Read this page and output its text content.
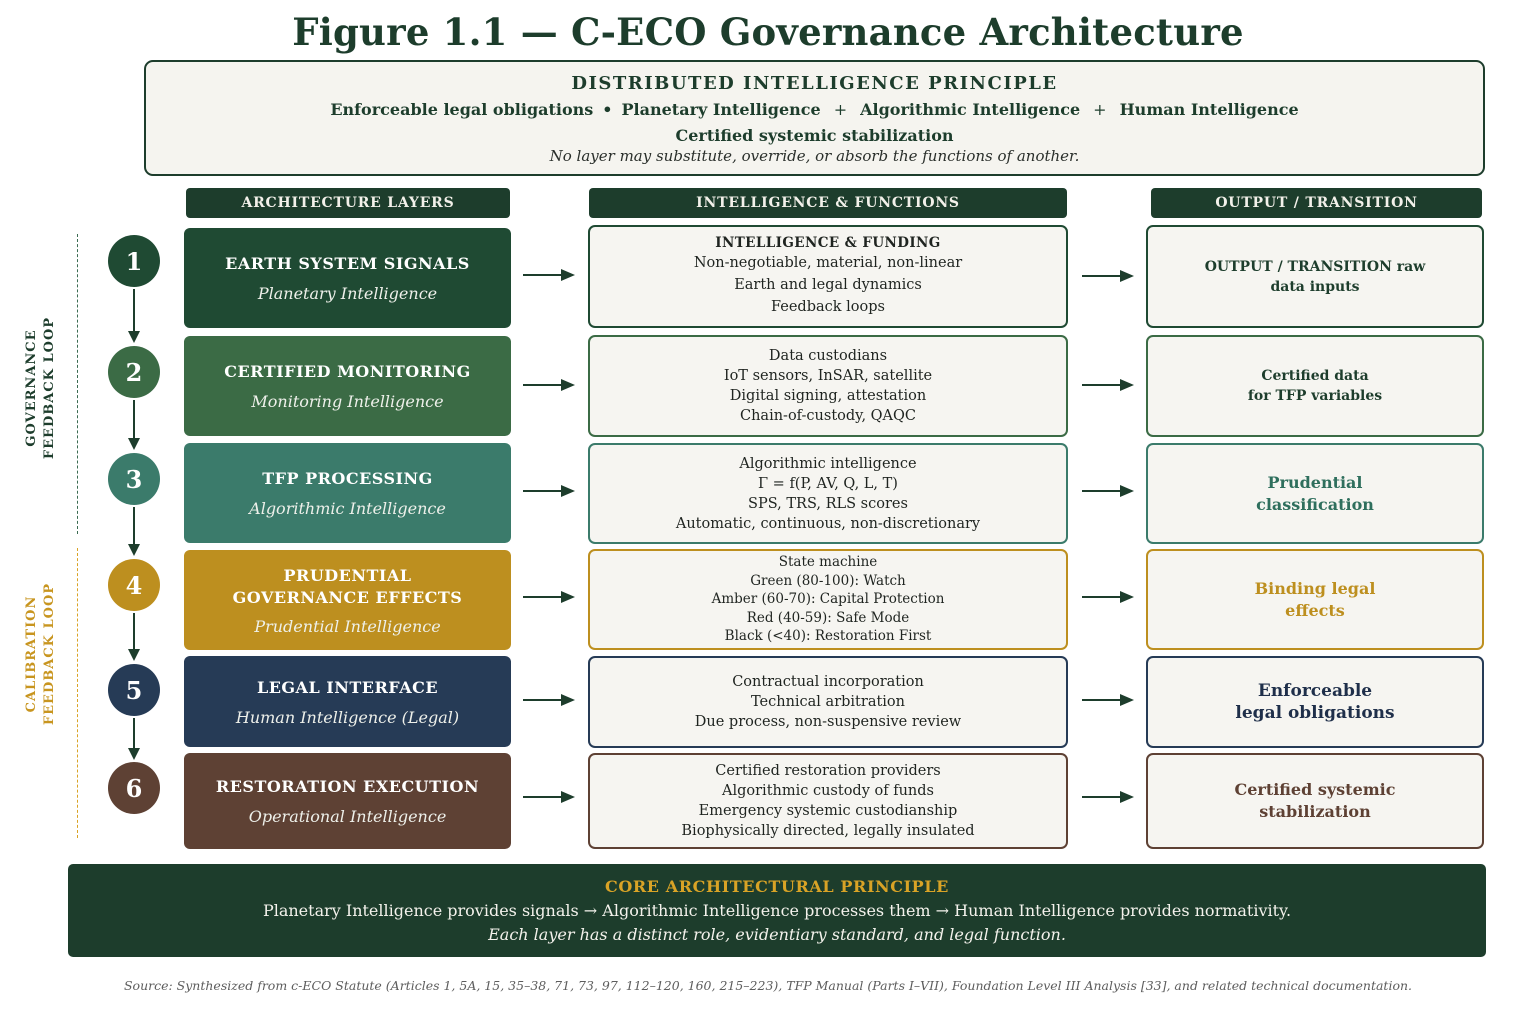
Figure 1.1 — C-ECO Governance Architecture
DISTRIBUTED INTELLIGENCE PRINCIPLE
Enforceable legal obligations • Planetary Intelligence + Algorithmic Intelligence + Human Intelligence
Certified systemic stabilization
No layer may substitute, override, or absorb the functions of another.
ARCHITECTURE LAYERS	INTELLIGENCE & FUNCTIONS	OUTPUT / TRANSITION
GOVERNANCE FEEDBACK LOOP
CALIBRATION FEEDBACK LOOP
1
2
3
4
5
6
EARTH SYSTEM SIGNALS
Planetary Intelligence
CERTIFIED MONITORING
Monitoring Intelligence
TFP PROCESSING
Algorithmic Intelligence
PRUDENTIAL
GOVERNANCE EFFECTS
Prudential Intelligence
LEGAL INTERFACE
Human Intelligence (Legal)
RESTORATION EXECUTION
Operational Intelligence
INTELLIGENCE & FUNDING
Non-negotiable, material, non-linear
Earth and legal dynamics
Feedback loops
Data custodians
IoT sensors, InSAR, satellite
Digital signing, attestation
Chain-of-custody, QAQC
Algorithmic intelligence
Γ = f(P, AV, Q, L, T)
SPS, TRS, RLS scores
Automatic, continuous, non-discretionary
State machine
Green (80-100): Watch
Amber (60-70): Capital Protection
Red (40-59): Safe Mode
Black (<40): Restoration First
Contractual incorporation
Technical arbitration
Due process, non-suspensive review
Certified restoration providers
Algorithmic custody of funds
Emergency systemic custodianship
Biophysically directed, legally insulated
OUTPUT / TRANSITION raw
data inputs
Certified data
for TFP variables
Prudential
classification
Binding legal
effects
Enforceable
legal obligations
Certified systemic
stabilization
CORE ARCHITECTURAL PRINCIPLE
Planetary Intelligence provides signals → Algorithmic Intelligence processes them → Human Intelligence provides normativity.
Each layer has a distinct role, evidentiary standard, and legal function.
Source: Synthesized from c-ECO Statute (Articles 1, 5A, 15, 35–38, 71, 73, 97, 112–120, 160, 215–223), TFP Manual (Parts I–VII), Foundation Level III Analysis [33], and related technical documentation.
